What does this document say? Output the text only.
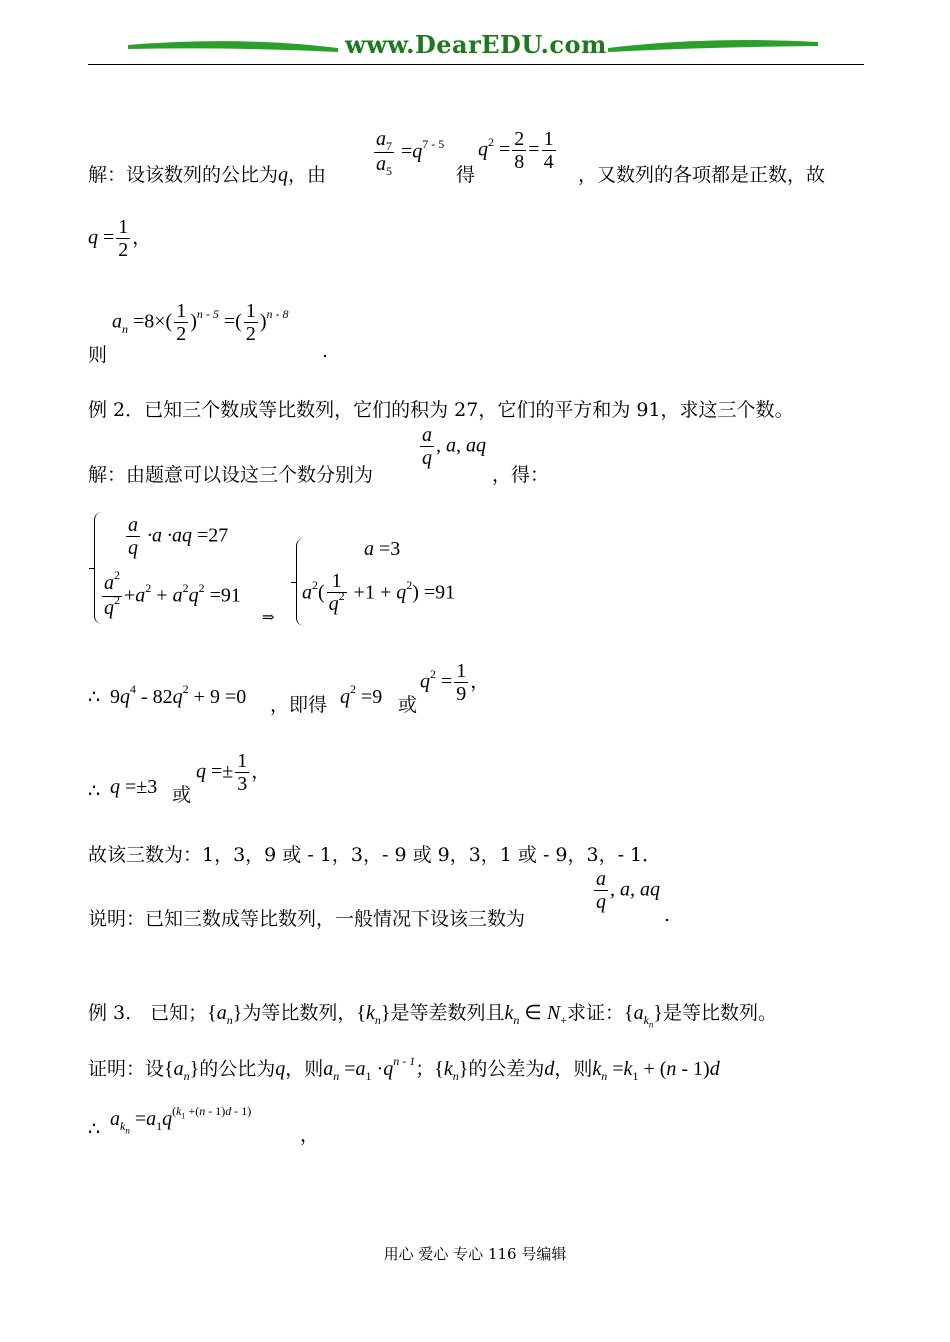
www.DearEDU.com
解：设该数列的公比为q，由 $\frac{a_7}{a_5} =q^{7 - 5}$
得
$q^2 = \frac{2}{8} = \frac{1}{4}$
，又数列的各项都是正数，故
$q = \frac{1}{2}$ ，
则
$a_n =8\times( \frac{1}{2} )^{n - 5}$ =( $\frac{1}{2} )^{n - 8}$
.
例 2．已知三个数成等比数列，它们的积为 27，它们的平方和为 91，求这三个数。
解：由题意可以设这三个数分别为
$\frac{a}{q}$ , a, aq
，得：
$\frac{a}{q} \cdot a \cdot aq =27$
$\frac{a^2}{q^2} +a^2 + a^2q^2 =91$
⇒
a =3
$a^2( \frac{1}{q^2} +1 + q^2) =91$
∴ $9q^4 - 82q^2 + 9 =0$ ，即得 $q^2 =9$ 或
$q^2 = \frac{1}{9}$ ，
∴ q =±3 或
$q =\pm \frac{1}{3}$ ，
故该三数为：1，3，9 或 - 1，3，- 9 或 9，3，1 或 - 9，3，- 1．
说明：已知三数成等比数列，一般情况下设该三数为
$\frac{a}{q}$ , a, aq
.
例 3． 已知；$\{a_n\}$为等比数列，$\{k_n\}$是等差数列且$k_n$ ∈ $N_+$求证：$\{a_{k_n}\}$是等比数列。
证明：设$\{a_n\}$的公比为q，则$a_n =a_1 \cdot q^{n - 1}$；$\{k_n\}$的公差为d，则$k_n =k_1 + (n - 1)d$
∴ $a_{k_n} =a_1q^{(k_1 +(n - 1)d - 1)}$
，
用心 爱心 专心 116 号编辑
